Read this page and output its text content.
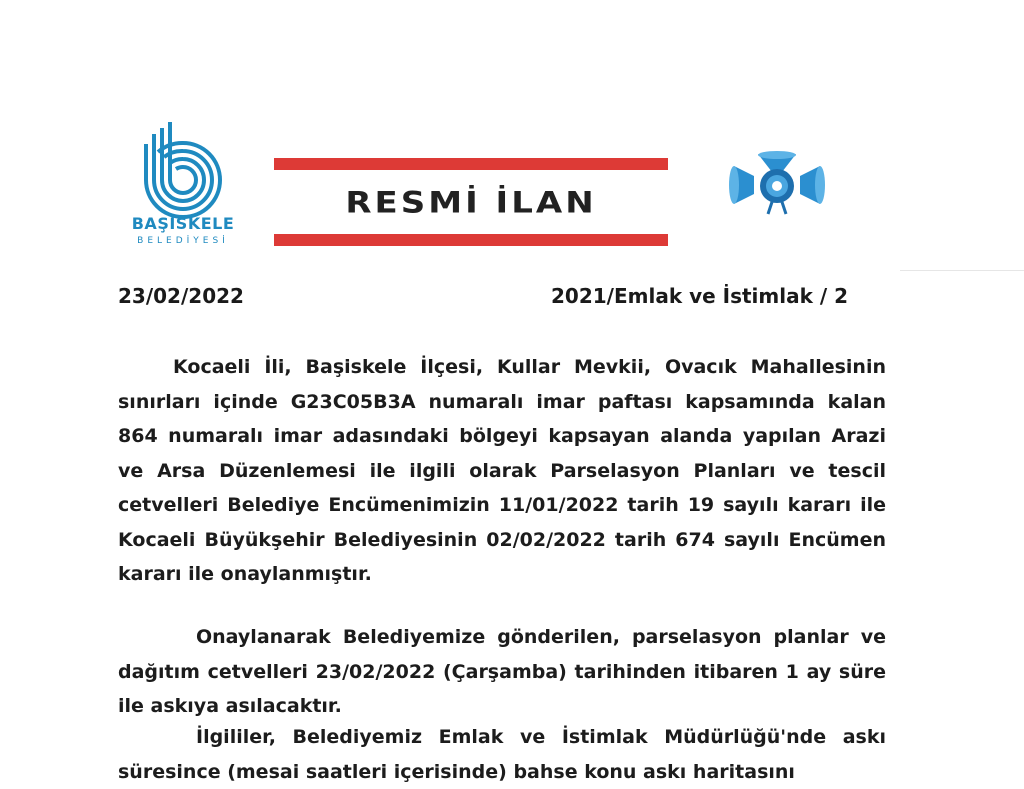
BAŞİSKELE
BELEDİYESİ
RESMİ İLAN
23/02/2022	2021/Emlak ve İstimlak / 2
Kocaeli İli, Başiskele İlçesi, Kullar Mevkii, Ovacık Mahallesinin sınırları içinde G23C05B3A numaralı imar paftası kapsamında kalan 864 numaralı imar adasındaki bölgeyi kapsayan alanda yapılan Arazi ve Arsa Düzenlemesi ile ilgili olarak Parselasyon Planları ve tescil cetvelleri Belediye Encümenimizin 11/01/2022 tarih 19 sayılı kararı ile Kocaeli Büyükşehir Belediyesinin 02/02/2022 tarih 674 sayılı Encümen kararı ile onaylanmıştır.
Onaylanarak Belediyemize gönderilen, parselasyon planlar ve dağıtım cetvelleri 23/02/2022 (Çarşamba) tarihinden itibaren 1 ay süre ile askıya asılacaktır.
İlgililer, Belediyemiz Emlak ve İstimlak Müdürlüğü'nde askı süresince (mesai saatleri içerisinde) bahse konu askı haritasını
